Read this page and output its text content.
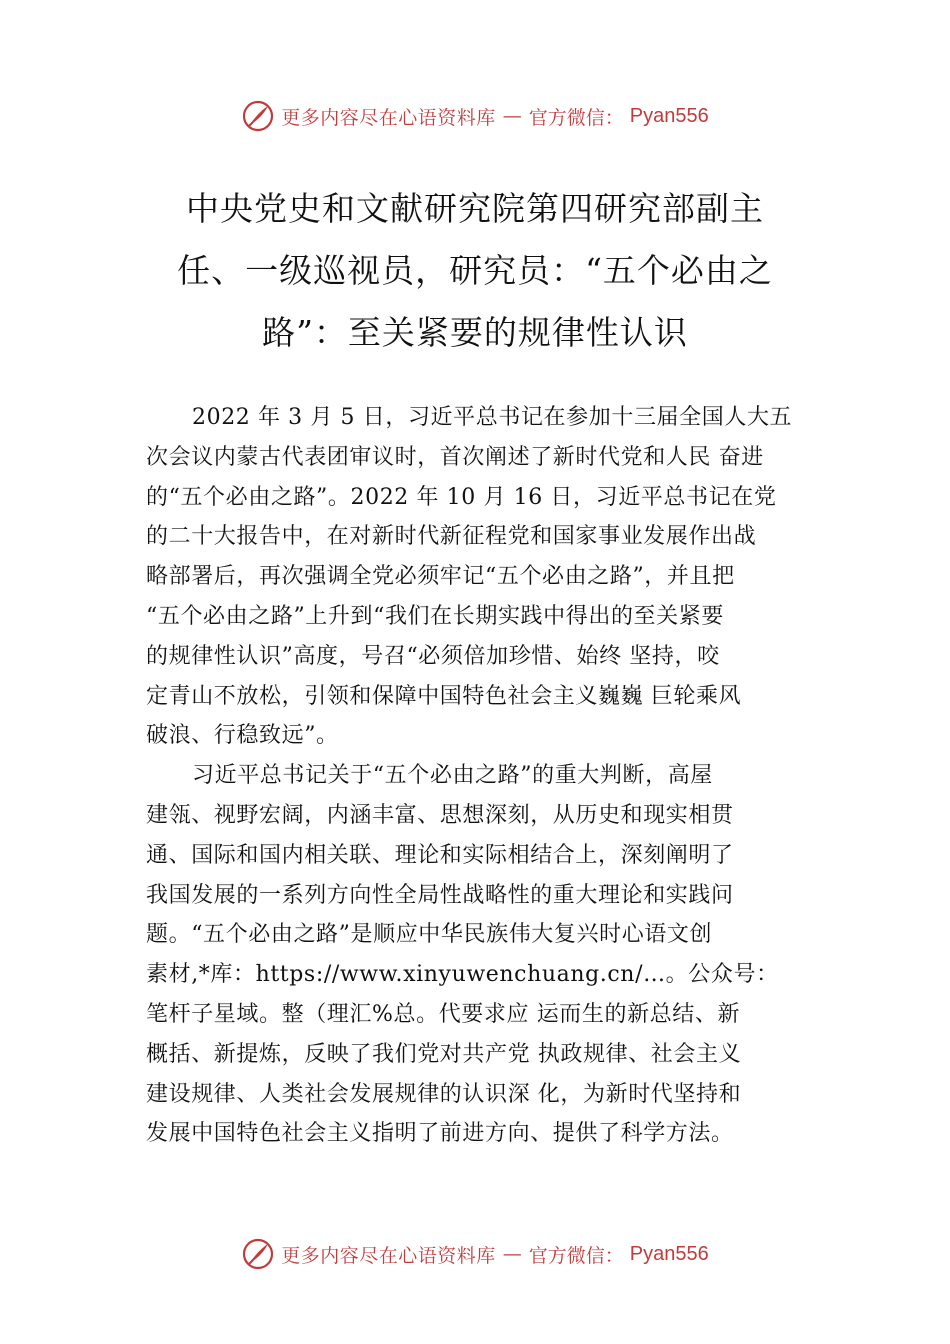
更多内容尽在心语资料库 — 官方微信： Pyan556
中央党史和文献研究院第四研究部副主
任、一级巡视员，研究员：“五个必由之
路”：至关紧要的规律性认识
2022 年 3 月 5 日，习近平总书记在参加十三届全国人大五
次会议内蒙古代表团审议时，首次阐述了新时代党和人民 奋进
的“五个必由之路”。2022 年 10 月 16 日，习近平总书记在党
的二十大报告中，在对新时代新征程党和国家事业发展作出战
略部署后，再次强调全党必须牢记“五个必由之路”，并且把
“五个必由之路”上升到“我们在长期实践中得出的至关紧要
的规律性认识”高度，号召“必须倍加珍惜、始终 坚持，咬
定青山不放松，引领和保障中国特色社会主义巍巍 巨轮乘风
破浪、行稳致远”。
习近平总书记关于“五个必由之路”的重大判断，高屋
建瓴、视野宏阔，内涵丰富、思想深刻，从历史和现实相贯
通、国际和国内相关联、理论和实际相结合上，深刻阐明了
我国发展的一系列方向性全局性战略性的重大理论和实践问
题。“五个必由之路”是顺应中华民族伟大复兴时心语文创
素材,*库：https://www.xinyuwenchuang.cn/…。公众号：
笔杆子星域。整（理汇%总。代要求应 运而生的新总结、新
概括、新提炼，反映了我们党对共产党 执政规律、社会主义
建设规律、人类社会发展规律的认识深 化，为新时代坚持和
发展中国特色社会主义指明了前进方向、提供了科学方法。
更多内容尽在心语资料库 — 官方微信： Pyan556
